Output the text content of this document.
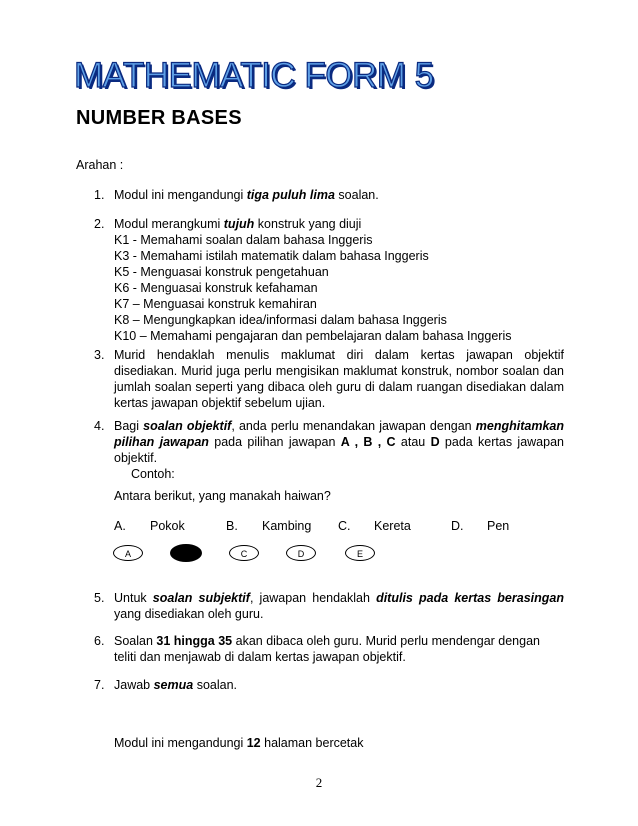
MATHEMATIC FORM 5
NUMBER BASES
Arahan :
1. Modul ini mengandungi tiga puluh lima soalan.
2. Modul merangkumi tujuh konstruk yang diuji
K1 - Memahami soalan dalam bahasa Inggeris
K3 - Memahami istilah matematik dalam bahasa Inggeris
K5 - Menguasai konstruk pengetahuan
K6 - Menguasai konstruk kefahaman
K7 – Menguasai konstruk kemahiran
K8 – Mengungkapkan idea/informasi dalam bahasa Inggeris
K10 – Memahami pengajaran dan pembelajaran dalam bahasa Inggeris
3. Murid hendaklah menulis maklumat diri dalam kertas jawapan objektif
disediakan. Murid juga perlu mengisikan maklumat konstruk, nombor soalan dan
jumlah soalan seperti yang dibaca oleh guru di dalam ruangan disediakan dalam
kertas jawapan objektif sebelum ujian.
4. Bagi soalan objektif, anda perlu menandakan jawapan dengan menghitamkan
pilihan jawapan pada pilihan jawapan A , B , C atau D pada kertas jawapan
objektif.
Contoh:
Antara berikut, yang manakah haiwan?
A. Pokok	B. Kambing C. Kereta	D. Pen
A	C	D	E
5. Untuk soalan subjektif, jawapan hendaklah ditulis pada kertas berasingan
yang disediakan oleh guru.
6. Soalan 31 hingga 35 akan dibaca oleh guru. Murid perlu mendengar dengan
teliti dan menjawab di dalam kertas jawapan objektif.
7. Jawab semua soalan.
Modul ini mengandungi 12 halaman bercetak
2
